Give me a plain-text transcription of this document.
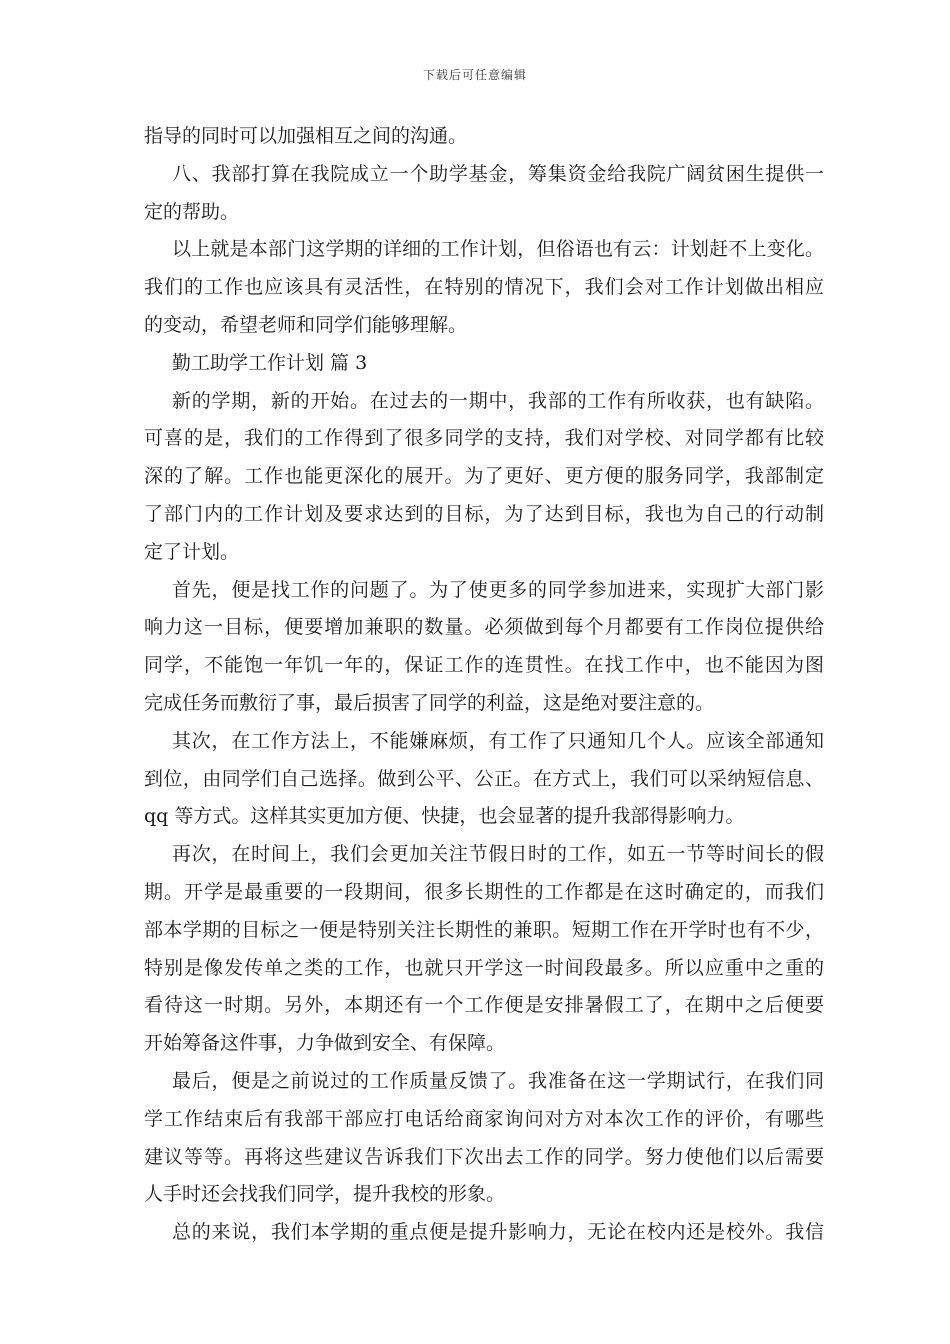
下载后可任意编辑
指导的同时可以加强相互之间的沟通。
八、我部打算在我院成立一个助学基金，筹集资金给我院广阔贫困生提供一
定的帮助。
以上就是本部门这学期的详细的工作计划，但俗语也有云：计划赶不上变化。
我们的工作也应该具有灵活性，在特别的情况下，我们会对工作计划做出相应
的变动，希望老师和同学们能够理解。
勤工助学工作计划 篇 3
新的学期，新的开始。在过去的一期中，我部的工作有所收获，也有缺陷。
可喜的是，我们的工作得到了很多同学的支持，我们对学校、对同学都有比较
深的了解。工作也能更深化的展开。为了更好、更方便的服务同学，我部制定
了部门内的工作计划及要求达到的目标，为了达到目标，我也为自己的行动制
定了计划。
首先，便是找工作的问题了。为了使更多的同学参加进来，实现扩大部门影
响力这一目标，便要增加兼职的数量。必须做到每个月都要有工作岗位提供给
同学，不能饱一年饥一年的，保证工作的连贯性。在找工作中，也不能因为图
完成任务而敷衍了事，最后损害了同学的利益，这是绝对要注意的。
其次，在工作方法上，不能嫌麻烦，有工作了只通知几个人。应该全部通知
到位，由同学们自己选择。做到公平、公正。在方式上，我们可以采纳短信息、
qq 等方式。这样其实更加方便、快捷，也会显著的提升我部得影响力。
再次，在时间上，我们会更加关注节假日时的工作，如五一节等时间长的假
期。开学是最重要的一段期间，很多长期性的工作都是在这时确定的，而我们
部本学期的目标之一便是特别关注长期性的兼职。短期工作在开学时也有不少，
特别是像发传单之类的工作，也就只开学这一时间段最多。所以应重中之重的
看待这一时期。另外，本期还有一个工作便是安排暑假工了，在期中之后便要
开始筹备这件事，力争做到安全、有保障。
最后，便是之前说过的工作质量反馈了。我准备在这一学期试行，在我们同
学工作结束后有我部干部应打电话给商家询问对方对本次工作的评价，有哪些
建议等等。再将这些建议告诉我们下次出去工作的同学。努力使他们以后需要
人手时还会找我们同学，提升我校的形象。
总的来说，我们本学期的重点便是提升影响力，无论在校内还是校外。我信
